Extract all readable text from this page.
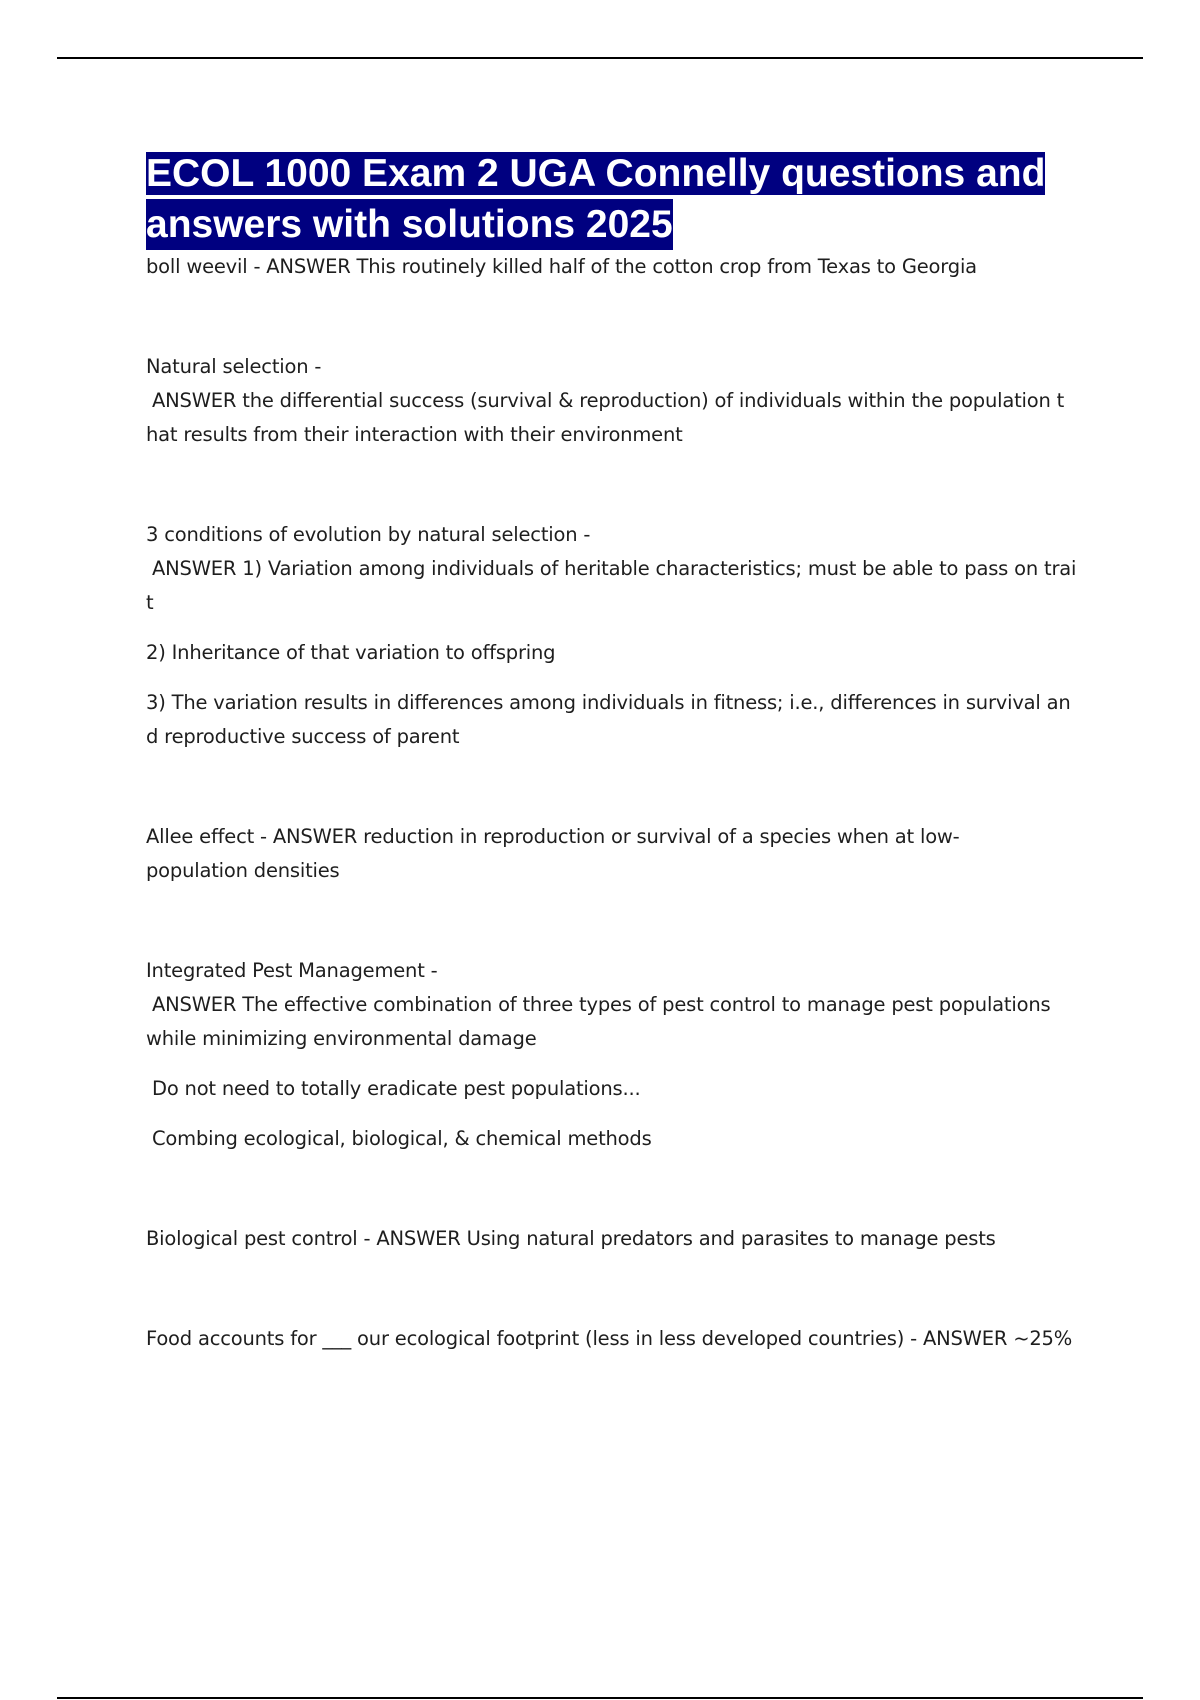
ECOL 1000 Exam 2 UGA Connelly questions and
answers with solutions 2025

boll weevil - ANSWER This routinely killed half of the cotton crop from Texas to Georgia

Natural selection -

ANSWER the differential success (survival & reproduction) of individuals within the population t

hat results from their interaction with their environment

3 conditions of evolution by natural selection -

ANSWER 1) Variation among individuals of heritable characteristics; must be able to pass on trai

t

2) Inheritance of that variation to offspring

3) The variation results in differences among individuals in fitness; i.e., differences in survival an

d reproductive success of parent

Allee effect - ANSWER reduction in reproduction or survival of a species when at low-

population densities

Integrated Pest Management -

ANSWER The effective combination of three types of pest control to manage pest populations

while minimizing environmental damage

Do not need to totally eradicate pest populations...

Combing ecological, biological, & chemical methods

Biological pest control - ANSWER Using natural predators and parasites to manage pests

Food accounts for ___ our ecological footprint (less in less developed countries) - ANSWER ~25%
